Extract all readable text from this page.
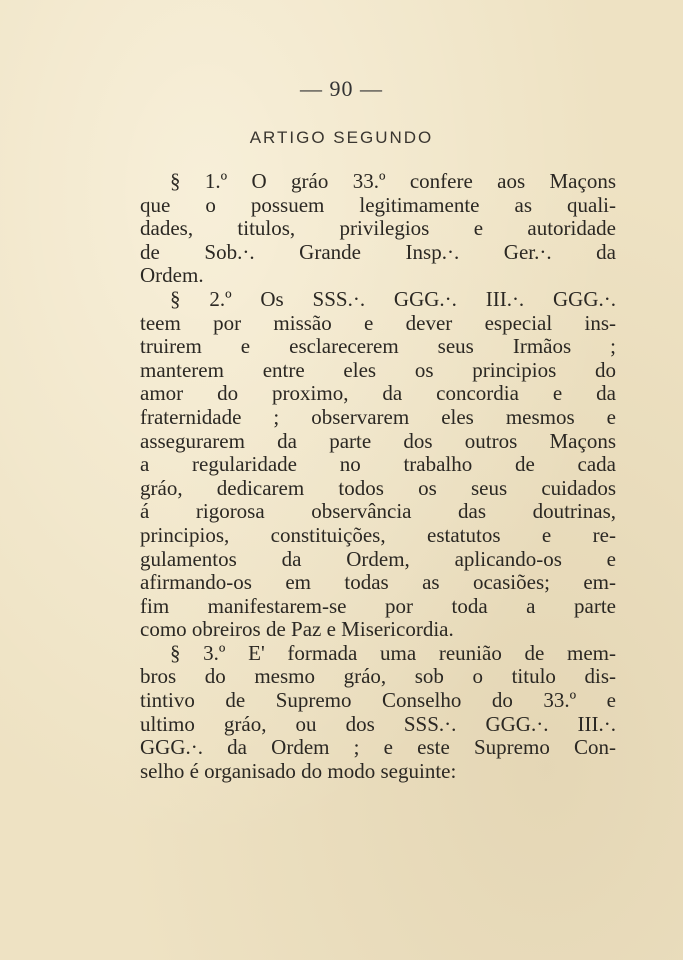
— 90 —
ARTIGO SEGUNDO
§ 1.º O gráo 33.º confere aos Maçons
que o possuem legitimamente as quali-
dades, titulos, privilegios e autoridade
de Sob.·. Grande Insp.·. Ger.·. da
Ordem.
§ 2.º Os SSS.·. GGG.·. III.·. GGG.·.
teem por missão e dever especial ins-
truirem e esclarecerem seus Irmãos ;
manterem entre eles os principios do
amor do proximo, da concordia e da
fraternidade ; observarem eles mesmos e
assegurarem da parte dos outros Maçons
a regularidade no trabalho de cada
gráo, dedicarem todos os seus cuidados
á rigorosa observância das doutrinas,
principios, constituições, estatutos e re-
gulamentos da Ordem, aplicando-os e
afirmando-os em todas as ocasiões; em-
fim manifestarem-se por toda a parte
como obreiros de Paz e Misericordia.
§ 3.º E' formada uma reunião de mem-
bros do mesmo gráo, sob o titulo dis-
tintivo de Supremo Conselho do 33.º e
ultimo gráo, ou dos SSS.·. GGG.·. III.·.
GGG.·. da Ordem ; e este Supremo Con-
selho é organisado do modo seguinte:
